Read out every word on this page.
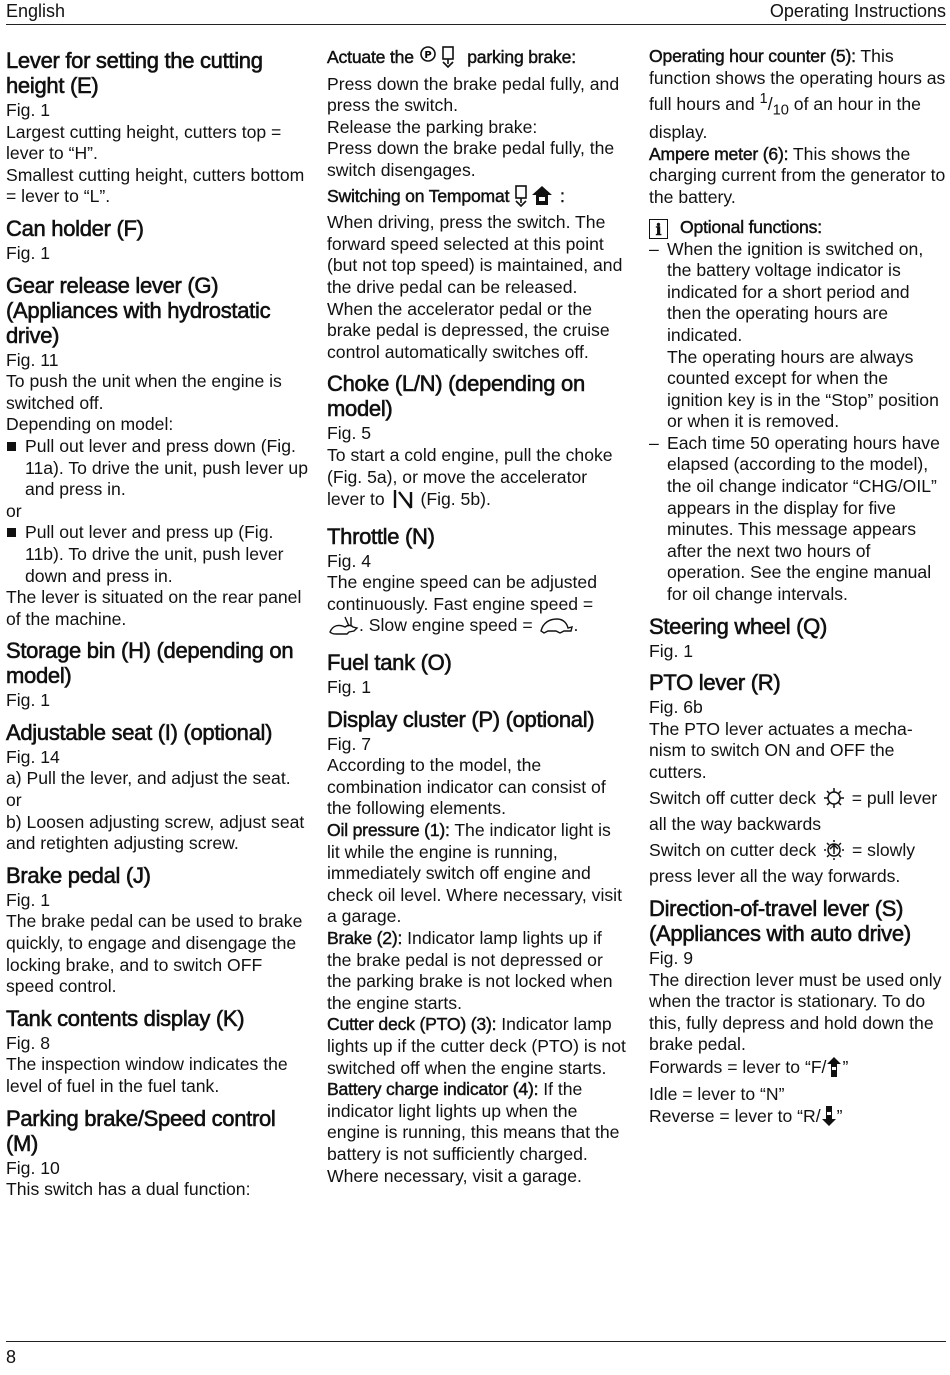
English	Operating Instructions
Lever for setting the cutting height (E)

Fig. 1

Largest cutting height, cutters top = lever to “H”.

Smallest cutting height, cutters bottom = lever to “L”.

Can holder (F)

Fig. 1

Gear release lever (G) (Appliances with hydrostatic drive)

Fig. 11

To push the unit when the engine is switched off.

Depending on model:

Pull out lever and press down (Fig. 11a). To drive the unit, push lever up and press in.

or

Pull out lever and press up (Fig. 11b). To drive the unit, push lever down and press in.

The lever is situated on the rear panel of the machine.

Storage bin (H) (depending on model)

Fig. 1

Adjustable seat (I) (optional)

Fig. 14

a) Pull the lever, and adjust the seat.

or

b) Loosen adjusting screw, adjust seat and retighten adjusting screw.

Brake pedal (J)

Fig. 1

The brake pedal can be used to brake quickly, to engage and disengage the locking brake, and to switch OFF speed control.

Tank contents display (K)

Fig. 8

The inspection window indicates the level of fuel in the fuel tank.

Parking brake/Speed control (M)

Fig. 10

This switch has a dual function:

Actuate the P parking brake:

Press down the brake pedal fully, and press the switch.

Release the parking brake:

Press down the brake pedal fully, the switch disengages.

Switching on Tempomat	:

When driving, press the switch. The forward speed selected at this point (but not top speed) is maintained, and the drive pedal can be released.

When the accelerator pedal or the brake pedal is depressed, the cruise control automatically switches off.

Choke (L/N) (depending on model)

Fig. 5

To start a cold engine, pull the choke (Fig. 5a), or move the accelerator lever to (Fig. 5b).

Throttle (N)

Fig. 4

The engine speed can be adjusted continuously. Fast engine speed = . Slow engine speed = .

Fuel tank (O)

Fig. 1

Display cluster (P) (optional)

Fig. 7

According to the model, the combination indicator can consist of the following elements.

Oil pressure (1): The indicator light is lit while the engine is running, immediately switch off engine and check oil level. Where necessary, visit a garage.

Brake (2): Indicator lamp lights up if the brake pedal is not depressed or the parking brake is not locked when the engine starts.

Cutter deck (PTO) (3): Indicator lamp lights up if the cutter deck (PTO) is not switched off when the engine starts.

Battery charge indicator (4): If the indicator light lights up when the engine is running, this means that the battery is not sufficiently charged. Where necessary, visit a garage.

Operating hour counter (5): This function shows the operating hours as full hours and $^1/_{10}$ of an hour in the display.

Ampere meter (6): This shows the charging current from the generator to the battery.

i Optional functions:

– When the ignition is switched on, the battery voltage indicator is indicated for a short period and then the operating hours are indicated.

The operating hours are always counted except for when the ignition key is in the “Stop” position or when it is removed.

– Each time 50 operating hours have elapsed (according to the model), the oil change indicator “CHG/OIL” appears in the display for five minutes. This message appears after the next two hours of operation. See the engine manual for oil change intervals.

Steering wheel (Q)

Fig. 1

PTO lever (R)

Fig. 6b

The PTO lever actuates a mecha-nism to switch ON and OFF the cutters.

Switch off cutter deck = pull lever all the way backwards

Switch on cutter deck = slowly press lever all the way forwards.

Direction-of-travel lever (S) (Appliances with auto drive)

Fig. 9

The direction lever must be used only when the tractor is stationary. To do this, fully depress and hold down the brake pedal.

Forwards = lever to “F/ ”

Idle = lever to “N”

Reverse = lever to “R/ ”

8
